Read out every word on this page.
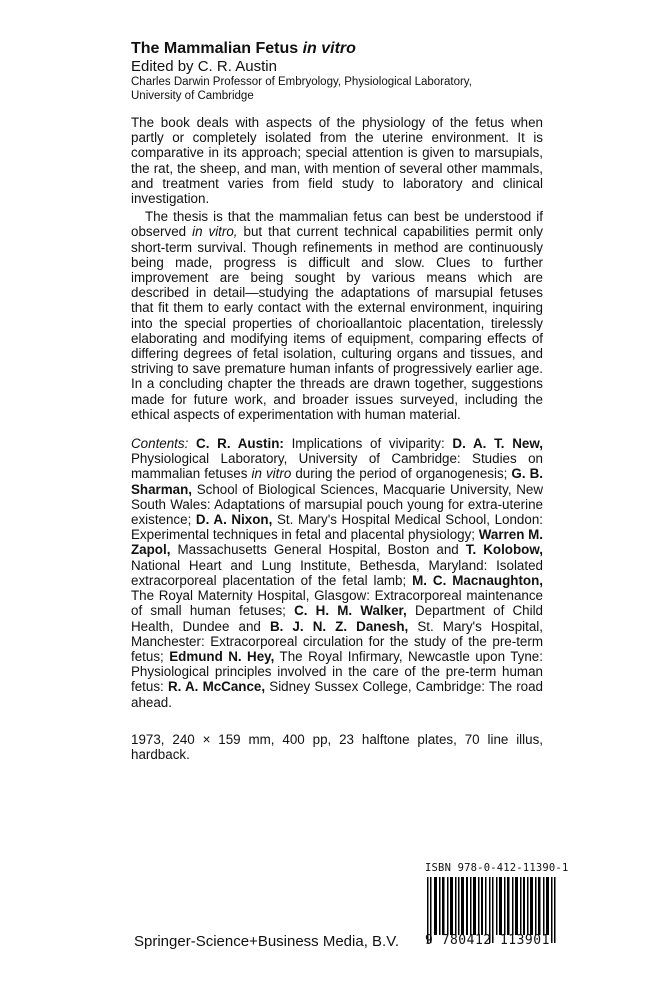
The Mammalian Fetus in vitro

Edited by C. R. Austin

Charles Darwin Professor of Embryology, Physiological Laboratory,

University of Cambridge

The book deals with aspects of the physiology of the fetus when partly or completely isolated from the uterine environment. It is comparative in its approach; special attention is given to marsupials, the rat, the sheep, and man, with mention of several other mammals, and treatment varies from field study to laboratory and clinical investigation.

The thesis is that the mammalian fetus can best be understood if observed in vitro, but that current technical capabilities permit only short-term survival. Though refinements in method are continuously being made, progress is difficult and slow. Clues to further improvement are being sought by various means which are described in detail—studying the adaptations of marsupial fetuses that fit them to early contact with the external environment, inquiring into the special properties of chorioallantoic placentation, tirelessly elaborating and modifying items of equipment, comparing effects of differing degrees of fetal isolation, culturing organs and tissues, and striving to save premature human infants of progressively earlier age. In a concluding chapter the threads are drawn together, suggestions made for future work, and broader issues surveyed, including the ethical aspects of experimentation with human material.

Contents: C. R. Austin: Implications of viviparity: D. A. T. New, Physiological Laboratory, University of Cambridge: Studies on mammalian fetuses in vitro during the period of organogenesis; G. B. Sharman, School of Biological Sciences, Macquarie University, New South Wales: Adaptations of marsupial pouch young for extra-uterine existence; D. A. Nixon, St. Mary's Hospital Medical School, London: Experimental techniques in fetal and placental physiology; Warren M. Zapol, Massachusetts General Hospital, Boston and T. Kolobow, National Heart and Lung Institute, Bethesda, Maryland: Isolated extracorporeal placentation of the fetal lamb; M. C. Macnaughton, The Royal Maternity Hospital, Glasgow: Extracorporeal maintenance of small human fetuses; C. H. M. Walker, Department of Child Health, Dundee and B. J. N. Z. Danesh, St. Mary's Hospital, Manchester: Extracorporeal circulation for the study of the pre-term fetus; Edmund N. Hey, The Royal Infirmary, Newcastle upon Tyne: Physiological principles involved in the care of the pre-term human fetus: R. A. McCance, Sidney Sussex College, Cambridge: The road ahead.

1973, 240 × 159 mm, 400 pp, 23 halftone plates, 70 line illus, hardback.

ISBN 978-0-412-11390-1

Springer-Science+Business Media, B.V. 9 780412 113901
